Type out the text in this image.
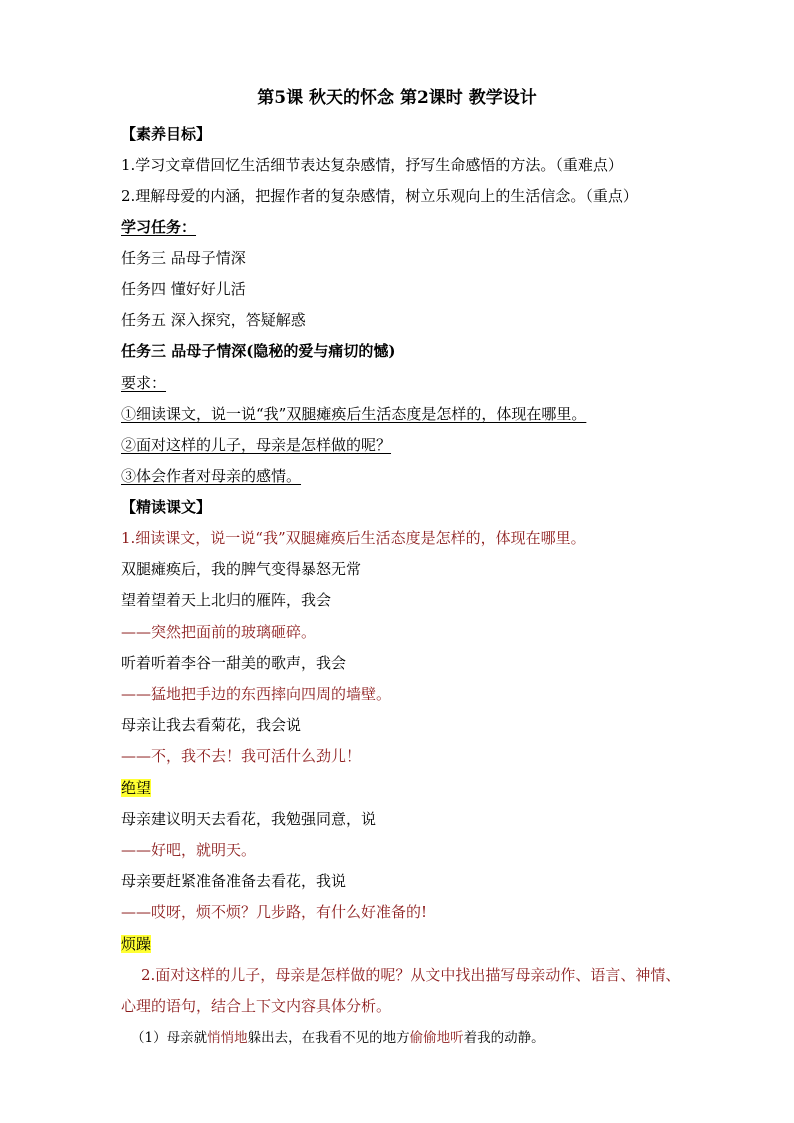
第5课 秋天的怀念 第2课时 教学设计
【素养目标】
1.学习文章借回忆生活细节表达复杂感情，抒写生命感悟的方法。（重难点）
2.理解母爱的内涵，把握作者的复杂感情，树立乐观向上的生活信念。（重点）
学习任务：
任务三 品母子情深
任务四 懂好好儿活
任务五 深入探究，答疑解惑
任务三 品母子情深(隐秘的爱与痛切的憾)
要求：
①细读课文，说一说“我”双腿瘫痪后生活态度是怎样的，体现在哪里。
②面对这样的儿子，母亲是怎样做的呢？
③体会作者对母亲的感情。
【精读课文】
1.细读课文，说一说“我”双腿瘫痪后生活态度是怎样的，体现在哪里。
双腿瘫痪后，我的脾气变得暴怒无常
望着望着天上北归的雁阵，我会
——突然把面前的玻璃砸碎。
听着听着李谷一甜美的歌声，我会
——猛地把手边的东西摔向四周的墙壁。
母亲让我去看菊花，我会说
——不，我不去！我可活什么劲儿！
绝望
母亲建议明天去看花，我勉强同意，说
——好吧，就明天。
母亲要赶紧准备准备去看花，我说
——哎呀，烦不烦？几步路，有什么好准备的!
烦躁
2.面对这样的儿子，母亲是怎样做的呢？从文中找出描写母亲动作、语言、神情、
心理的语句，结合上下文内容具体分析。
（1）母亲就悄悄地躲出去，在我看不见的地方偷偷地听着我的动静。
